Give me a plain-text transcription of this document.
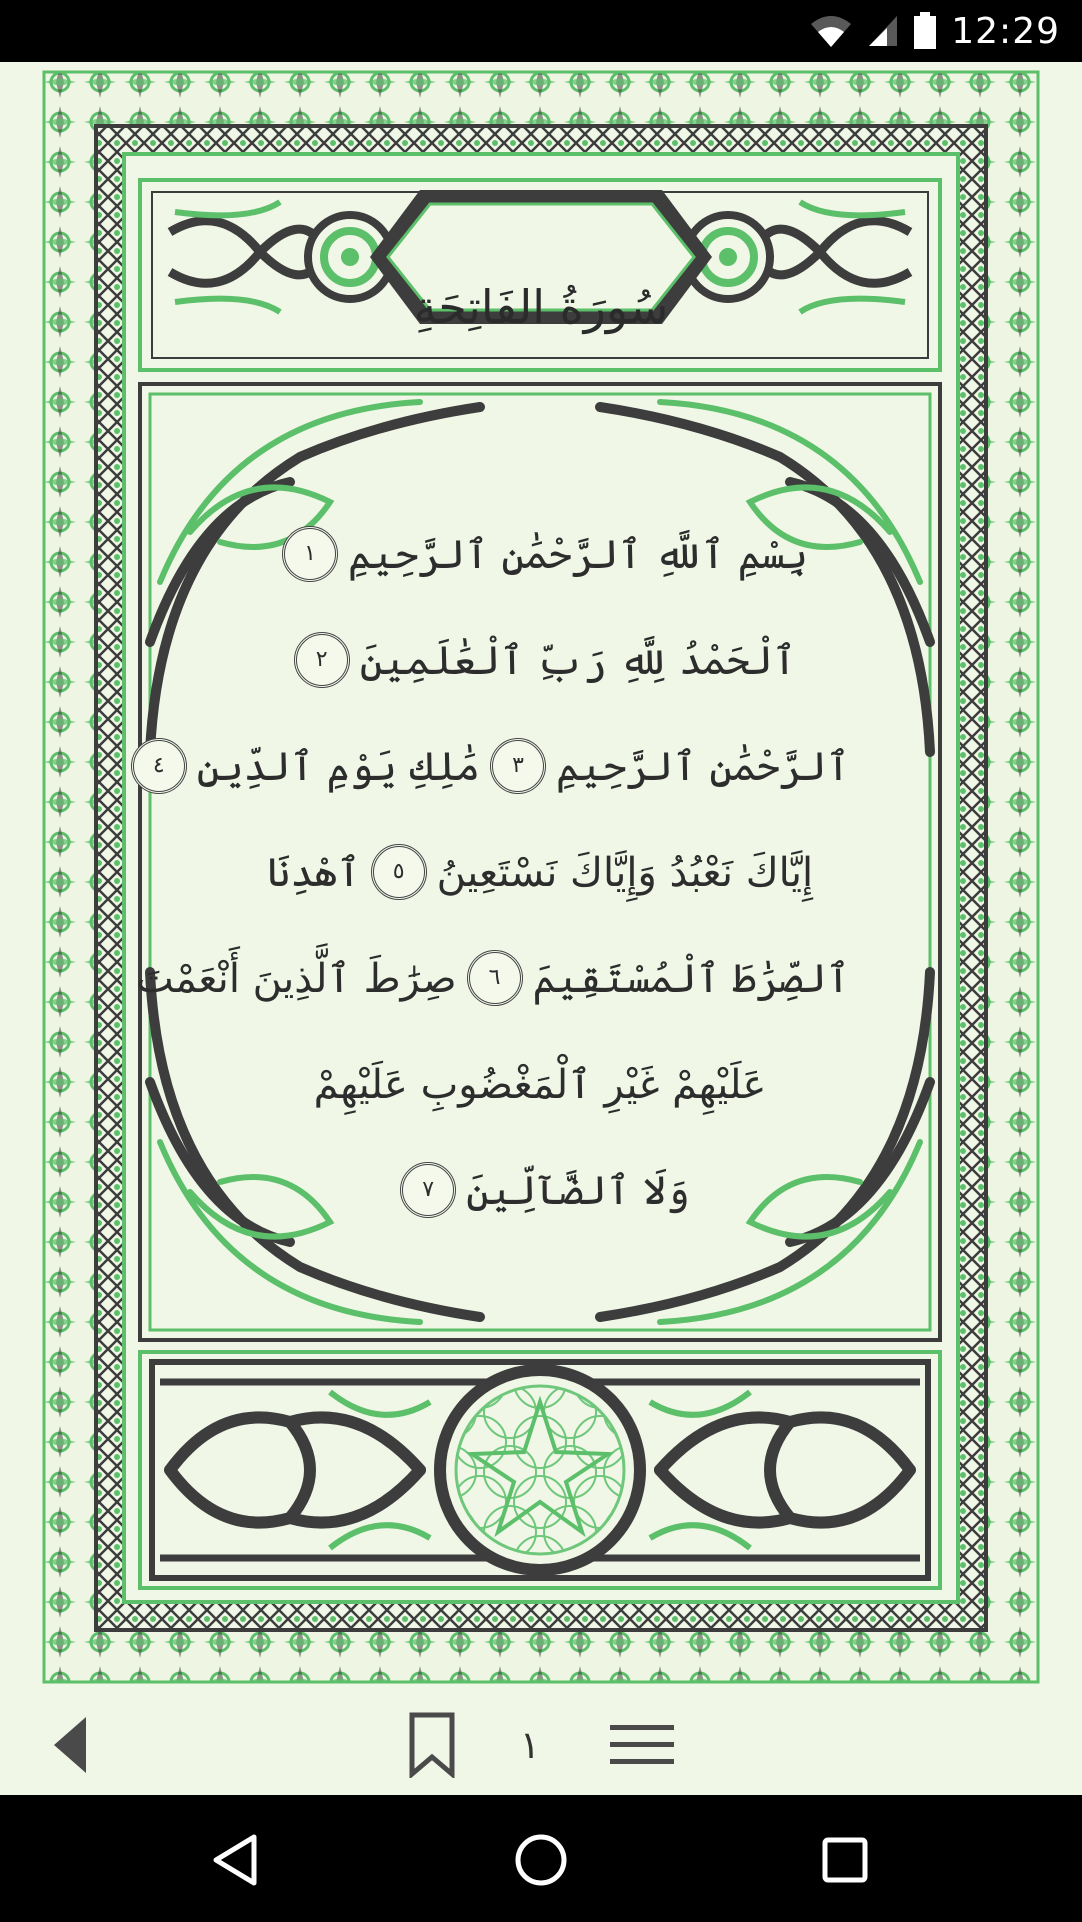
12:29
سُورَةُ الفَاتِحَةِ
بِسْمِ ٱللَّهِ ٱلرَّحْمَٰنِ ٱلرَّحِيمِ١
ٱلْحَمْدُ لِلَّهِ رَبِّ ٱلْعَٰلَمِينَ٢
ٱلرَّحْمَٰنِ ٱلرَّحِيمِ٣مَٰلِكِ يَوْمِ ٱلدِّينِ٤
إِيَّاكَ نَعْبُدُ وَإِيَّاكَ نَسْتَعِينُ٥ٱهْدِنَا
ٱلصِّرَٰطَ ٱلْمُسْتَقِيمَ٦صِرَٰطَ ٱلَّذِينَ أَنْعَمْتَ
عَلَيْهِمْ غَيْرِ ٱلْمَغْضُوبِ عَلَيْهِمْ
وَلَا ٱلضَّآلِّينَ٧
١
